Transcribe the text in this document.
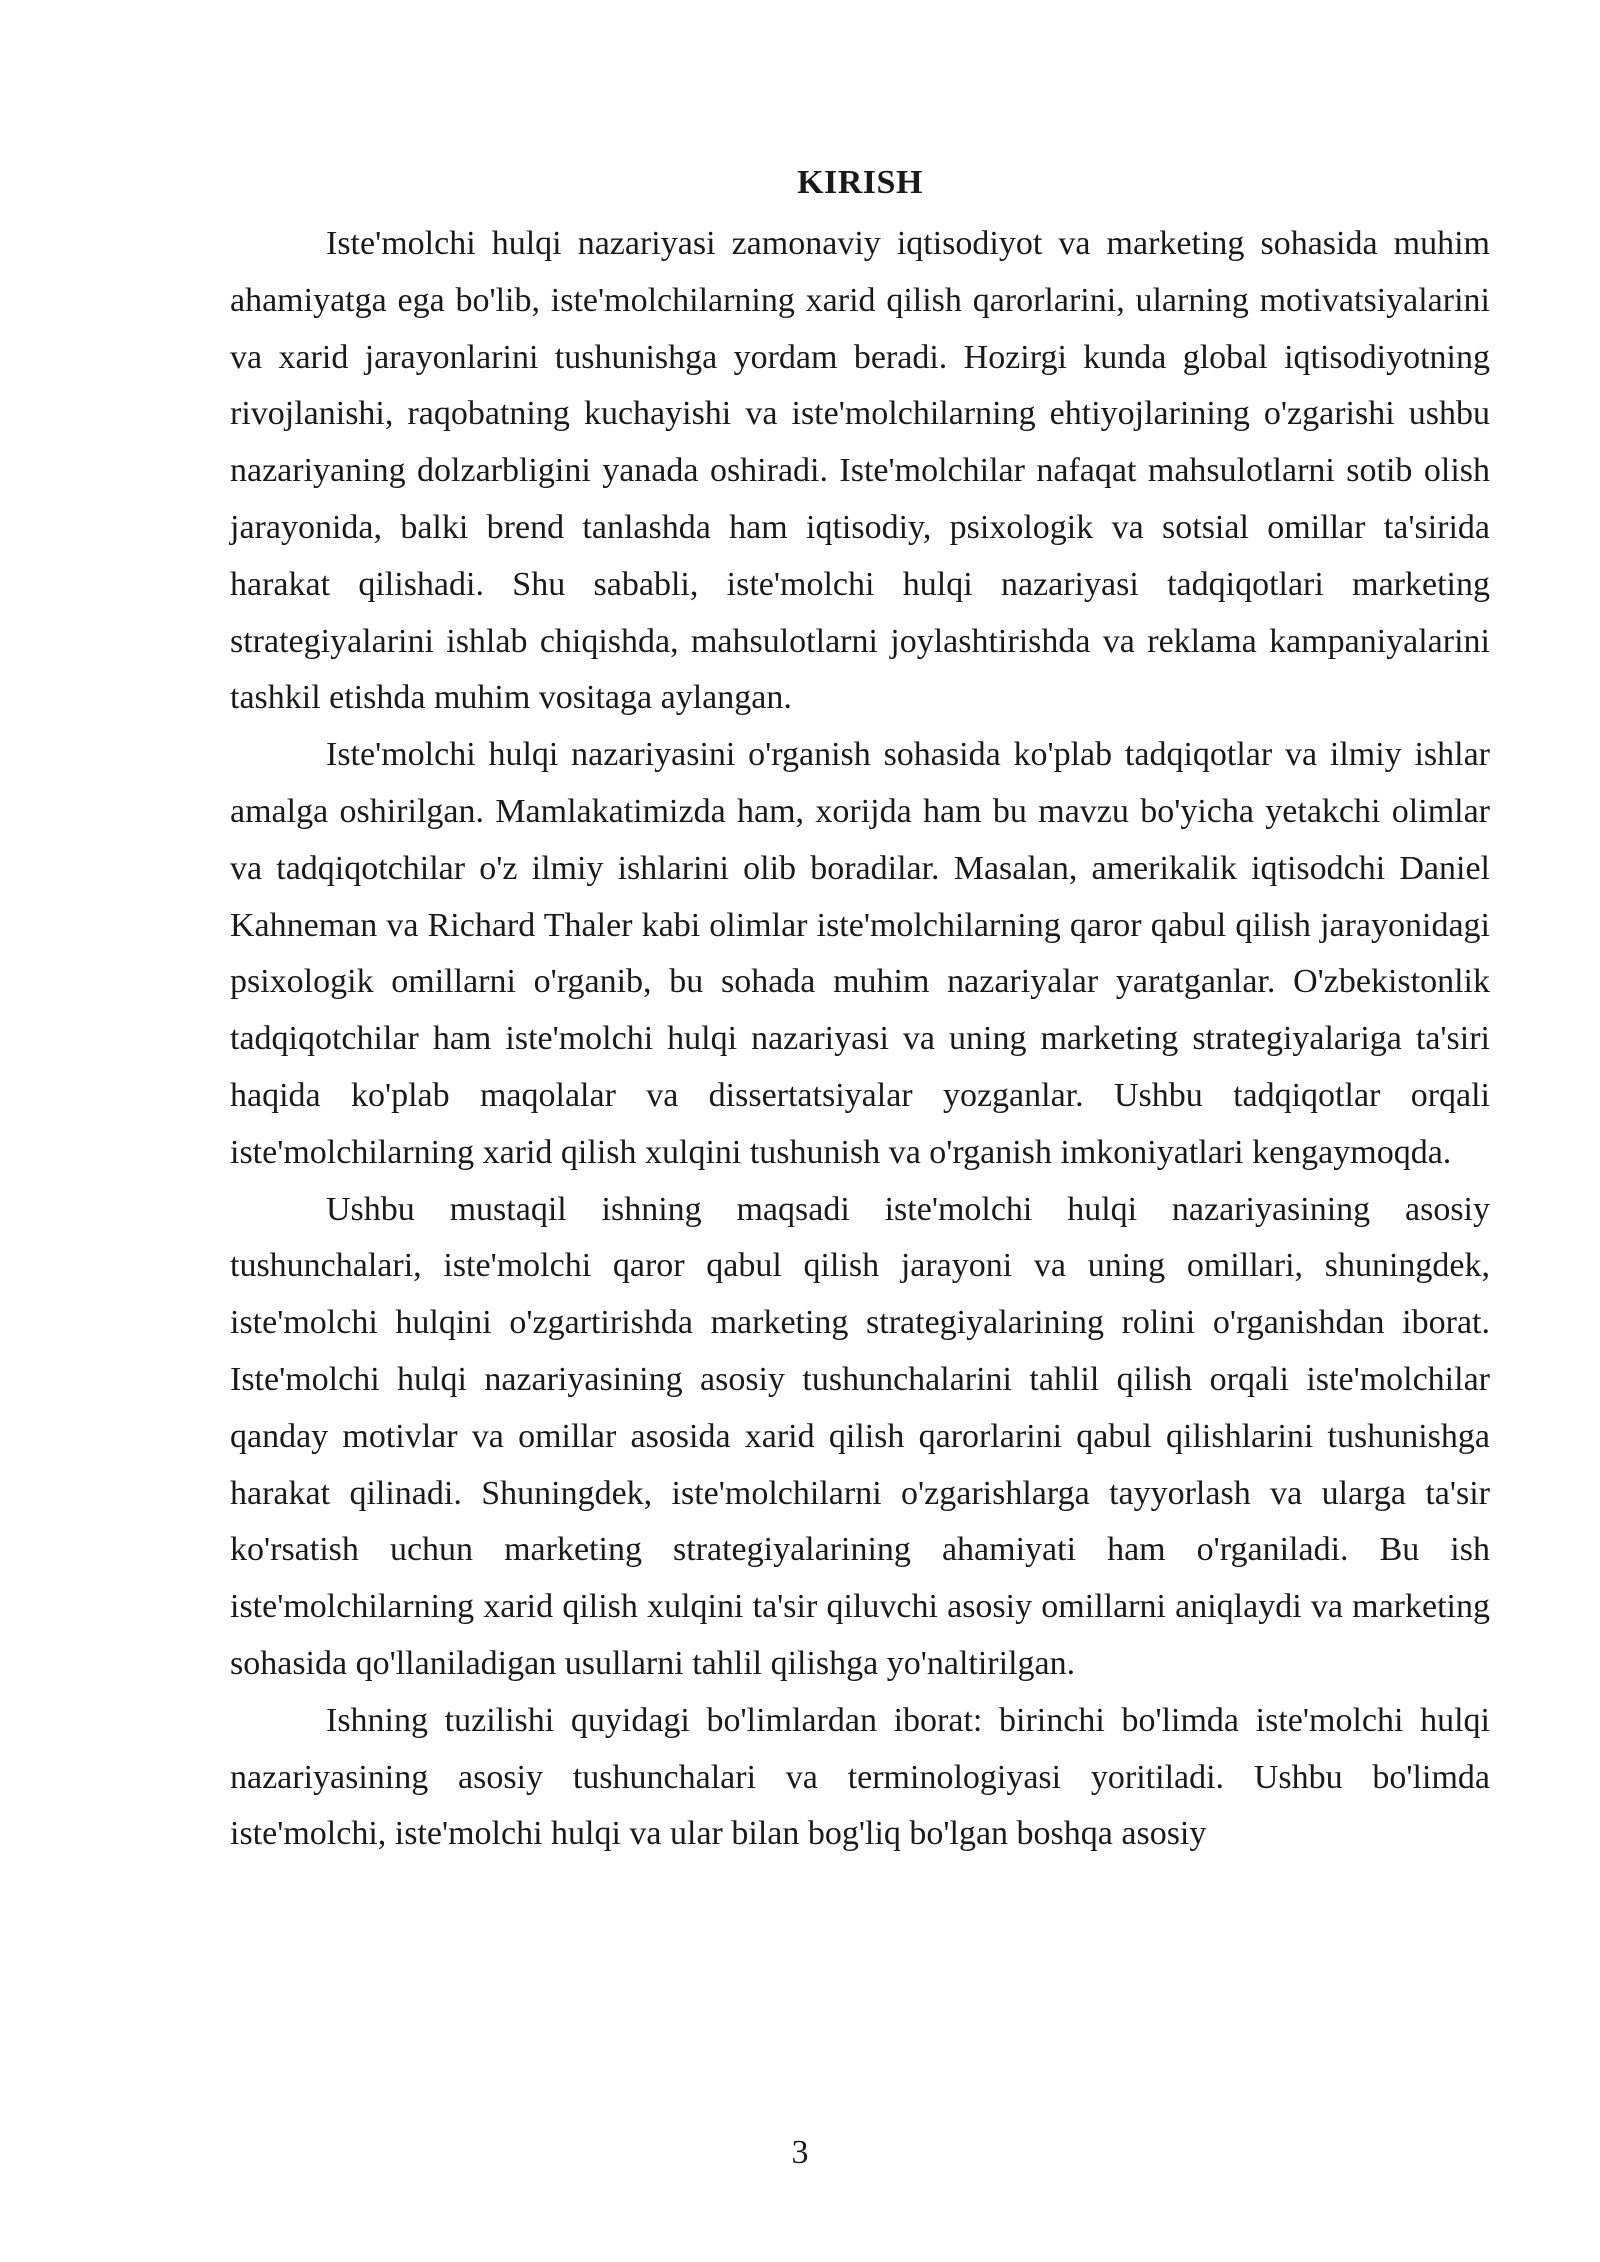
KIRISH

Iste'molchi hulqi nazariyasi zamonaviy iqtisodiyot va marketing sohasida muhim ahamiyatga ega bo'lib, iste'molchilarning xarid qilish qarorlarini, ularning motivatsiyalarini va xarid jarayonlarini tushunishga yordam beradi. Hozirgi kunda global iqtisodiyotning rivojlanishi, raqobatning kuchayishi va iste'molchilarning ehtiyojlarining o'zgarishi ushbu nazariyaning dolzarbligini yanada oshiradi. Iste'molchilar nafaqat mahsulotlarni sotib olish jarayonida, balki brend tanlashda ham iqtisodiy, psixologik va sotsial omillar ta'sirida harakat qilishadi. Shu sababli, iste'molchi hulqi nazariyasi tadqiqotlari marketing strategiyalarini ishlab chiqishda, mahsulotlarni joylashtirishda va reklama kampaniyalarini tashkil etishda muhim vositaga aylangan.

Iste'molchi hulqi nazariyasini o'rganish sohasida ko'plab tadqiqotlar va ilmiy ishlar amalga oshirilgan. Mamlakatimizda ham, xorijda ham bu mavzu bo'yicha yetakchi olimlar va tadqiqotchilar o'z ilmiy ishlarini olib boradilar. Masalan, amerikalik iqtisodchi Daniel Kahneman va Richard Thaler kabi olimlar iste'molchilarning qaror qabul qilish jarayonidagi psixologik omillarni o'rganib, bu sohada muhim nazariyalar yaratganlar. O'zbekistonlik tadqiqotchilar ham iste'molchi hulqi nazariyasi va uning marketing strategiyalariga ta'siri haqida ko'plab maqolalar va dissertatsiyalar yozganlar. Ushbu tadqiqotlar orqali iste'molchilarning xarid qilish xulqini tushunish va o'rganish imkoniyatlari kengaymoqda.

Ushbu mustaqil ishning maqsadi iste'molchi hulqi nazariyasining asosiy tushunchalari, iste'molchi qaror qabul qilish jarayoni va uning omillari, shuningdek, iste'molchi hulqini o'zgartirishda marketing strategiyalarining rolini o'rganishdan iborat. Iste'molchi hulqi nazariyasining asosiy tushunchalarini tahlil qilish orqali iste'molchilar qanday motivlar va omillar asosida xarid qilish qarorlarini qabul qilishlarini tushunishga harakat qilinadi. Shuningdek, iste'molchilarni o'zgarishlarga tayyorlash va ularga ta'sir ko'rsatish uchun marketing strategiyalarining ahamiyati ham o'rganiladi. Bu ish iste'molchilarning xarid qilish xulqini ta'sir qiluvchi asosiy omillarni aniqlaydi va marketing sohasida qo'llaniladigan usullarni tahlil qilishga yo'naltirilgan.

Ishning tuzilishi quyidagi bo'limlardan iborat: birinchi bo'limda iste'molchi hulqi nazariyasining asosiy tushunchalari va terminologiyasi yoritiladi. Ushbu bo'limda iste'molchi, iste'molchi hulqi va ular bilan bog'liq bo'lgan boshqa asosiy

3
